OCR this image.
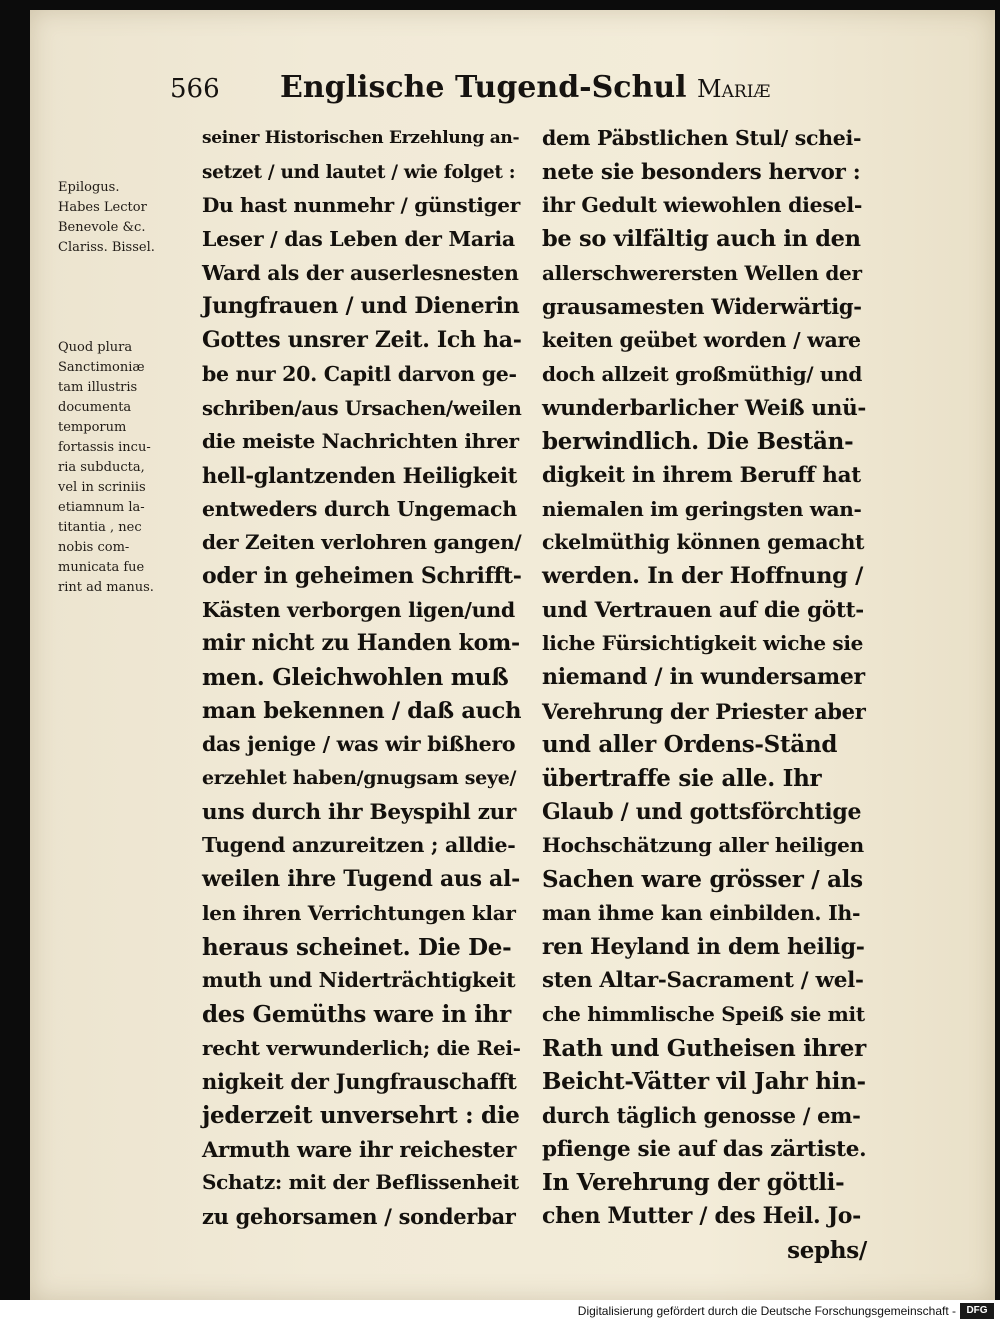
566 Englische Tugend-Schul Mariæ
Epilogus.
Habes Lector
Benevole &c.
Clariss. Bissel.
Quod plura
Sanctimoniæ
tam illustris
documenta
temporum
fortassis incu-
ria subducta,
vel in scriniis
etiamnum la-
titantia , nec
nobis com-
municata fue
rint ad manus.
seiner Historischen Erzehlung an-
setzet / und lautet / wie folget :
Du hast nunmehr / günstiger
Leser / das Leben der Maria
Ward als der auserlesnesten
Jungfrauen / und Dienerin
Gottes unsrer Zeit. Ich ha-
be nur 20. Capitl darvon ge-
schriben/aus Ursachen/weilen
die meiste Nachrichten ihrer
hell-glantzenden Heiligkeit
entweders durch Ungemach
der Zeiten verlohren gangen/
oder in geheimen Schrifft-
Kästen verborgen ligen/und
mir nicht zu Handen kom-
men. Gleichwohlen muß
man bekennen / daß auch
das jenige / was wir bißhero
erzehlet haben/gnugsam seye/
uns durch ihr Beyspihl zur
Tugend anzureitzen ; alldie-
weilen ihre Tugend aus al-
len ihren Verrichtungen klar
heraus scheinet. Die De-
muth und Niderträchtigkeit
des Gemüths ware in ihr
recht verwunderlich; die Rei-
nigkeit der Jungfrauschafft
jederzeit unversehrt : die
Armuth ware ihr reichester
Schatz: mit der Beflissenheit
zu gehorsamen / sonderbar
dem Päbstlichen Stul/ schei-
nete sie besonders hervor :
ihr Gedult wiewohlen diesel-
be so vilfältig auch in den
allerschwerersten Wellen der
grausamesten Widerwärtig-
keiten geübet worden / ware
doch allzeit großmüthig/ und
wunderbarlicher Weiß unü-
berwindlich. Die Bestän-
digkeit in ihrem Beruff hat
niemalen im geringsten wan-
ckelmüthig können gemacht
werden. In der Hoffnung /
und Vertrauen auf die gött-
liche Fürsichtigkeit wiche sie
niemand / in wundersamer
Verehrung der Priester aber
und aller Ordens-Ständ
übertraffe sie alle. Ihr
Glaub / und gottsförchtige
Hochschätzung aller heiligen
Sachen ware grösser / als
man ihme kan einbilden. Ih-
ren Heyland in dem heilig-
sten Altar-Sacrament / wel-
che himmlische Speiß sie mit
Rath und Gutheisen ihrer
Beicht-Vätter vil Jahr hin-
durch täglich genosse / em-
pfienge sie auf das zärtiste.
In Verehrung der göttli-
chen Mutter / des Heil. Jo-
sephs/
Digitalisierung gefördert durch die Deutsche Forschungsgemeinschaft -	DFG
